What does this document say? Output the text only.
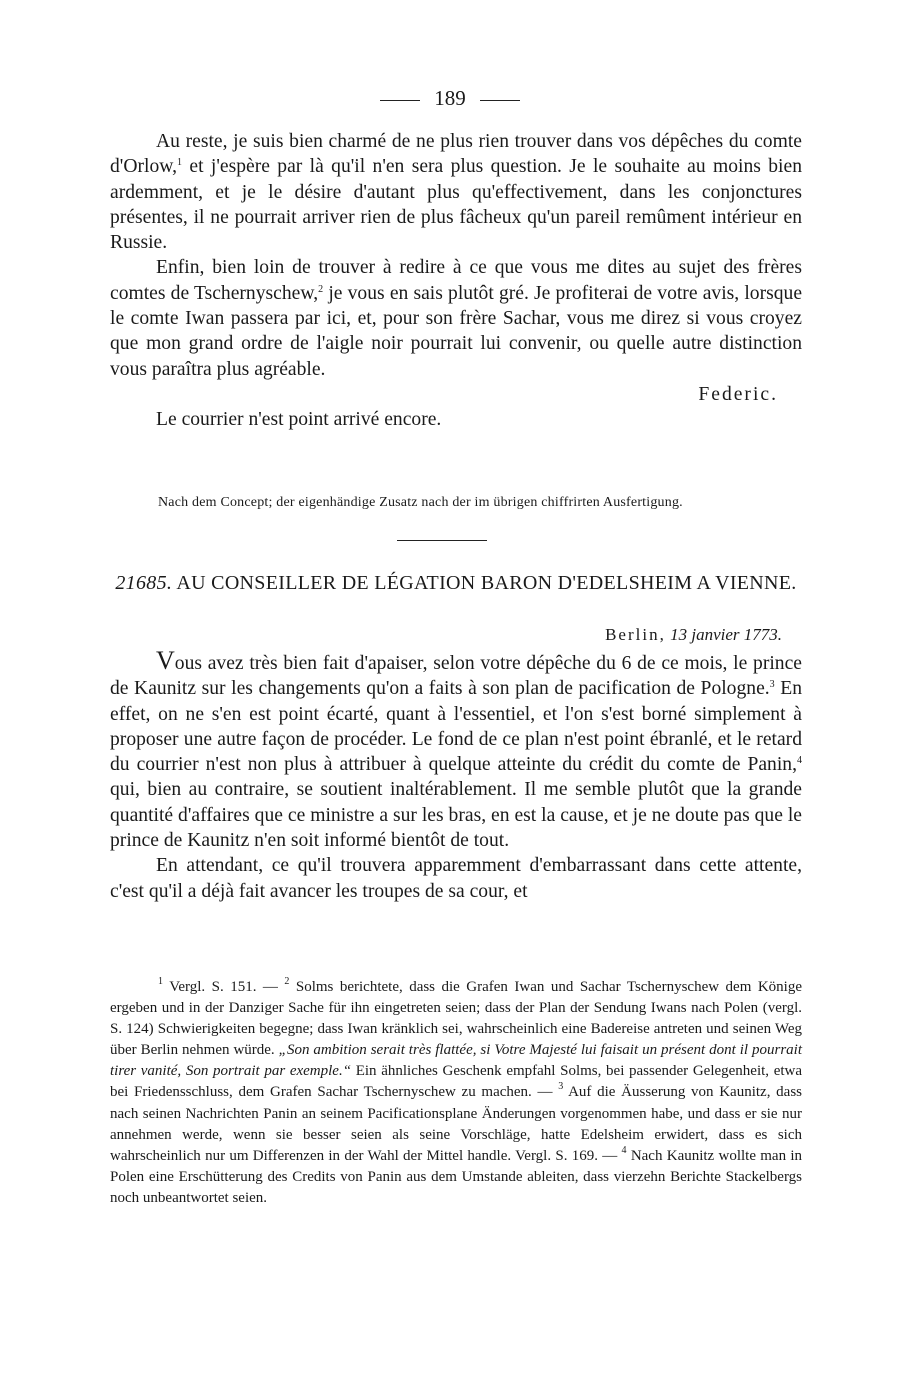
189

Au reste, je suis bien charmé de ne plus rien trouver dans vos dépêches du comte d'Orlow,$^1$ et j'espère par là qu'il n'en sera plus question. Je le souhaite au moins bien ardemment, et je le désire d'autant plus qu'effectivement, dans les conjonctures présentes, il ne pourrait arriver rien de plus fâcheux qu'un pareil remûment intérieur en Russie.

Enfin, bien loin de trouver à redire à ce que vous me dites au sujet des frères comtes de Tschernyschew,$^2$ je vous en sais plutôt gré. Je profiterai de votre avis, lorsque le comte Iwan passera par ici, et, pour son frère Sachar, vous me direz si vous croyez que mon grand ordre de l'aigle noir pourrait lui convenir, ou quelle autre distinction vous paraîtra plus agréable.

Federic.

Le courrier n'est point arrivé encore.

Nach dem Concept; der eigenhändige Zusatz nach der im übrigen chiffrirten Ausfertigung.
21685. AU CONSEILLER DE LÉGATION BARON D'EDELSHEIM A VIENNE.
Berlin, 13 janvier 1773.

Vous avez très bien fait d'apaiser, selon votre dépêche du 6 de ce mois, le prince de Kaunitz sur les changements qu'on a faits à son plan de pacification de Pologne.$^3$ En effet, on ne s'en est point écarté, quant à l'essentiel, et l'on s'est borné simplement à proposer une autre façon de procéder. Le fond de ce plan n'est point ébranlé, et le retard du courrier n'est non plus à attribuer à quelque atteinte du crédit du comte de Panin,$^4$ qui, bien au contraire, se soutient inaltérablement. Il me semble plutôt que la grande quantité d'affaires que ce ministre a sur les bras, en est la cause, et je ne doute pas que le prince de Kaunitz n'en soit informé bientôt de tout.

En attendant, ce qu'il trouvera apparemment d'embarrassant dans cette attente, c'est qu'il a déjà fait avancer les troupes de sa cour, et

$^1$ Vergl. S. 151. — $^2$ Solms berichtete, dass die Grafen Iwan und Sachar Tschernyschew dem Könige ergeben und in der Danziger Sache für ihn eingetreten seien; dass der Plan der Sendung Iwans nach Polen (vergl. S. 124) Schwierigkeiten begegne; dass Iwan kränklich sei, wahrscheinlich eine Badereise antreten und seinen Weg über Berlin nehmen würde. „Son ambition serait très flattée, si Votre Majesté lui faisait un présent dont il pourrait tirer vanité, Son portrait par exemple.“ Ein ähnliches Geschenk empfahl Solms, bei passender Gelegenheit, etwa bei Friedensschluss, dem Grafen Sachar Tschernyschew zu machen. — $^3$ Auf die Äusserung von Kaunitz, dass nach seinen Nachrichten Panin an seinem Pacificationsplane Änderungen vorgenommen habe, und dass er sie nur annehmen werde, wenn sie besser seien als seine Vorschläge, hatte Edelsheim erwidert, dass es sich wahrscheinlich nur um Differenzen in der Wahl der Mittel handle. Vergl. S. 169. — $^4$ Nach Kaunitz wollte man in Polen eine Erschütterung des Credits von Panin aus dem Umstande ableiten, dass vierzehn Berichte Stackelbergs noch unbeantwortet seien.
